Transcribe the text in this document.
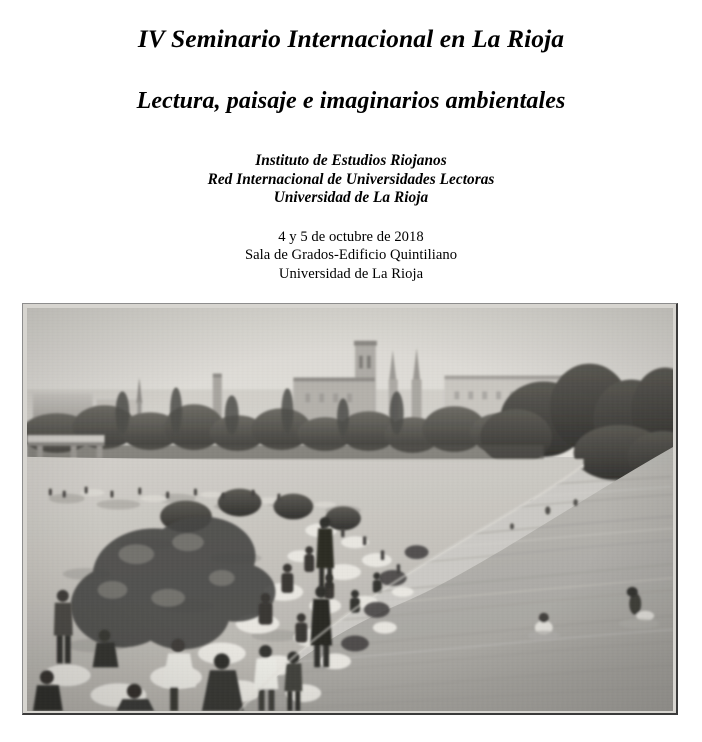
IV Seminario Internacional en La Rioja
Lectura, paisaje e imaginarios ambientales
Instituto de Estudios Riojanos
Red Internacional de Universidades Lectoras
Universidad de La Rioja
4 y 5 de octubre de 2018
Sala de Grados-Edificio Quintiliano
Universidad de La Rioja
